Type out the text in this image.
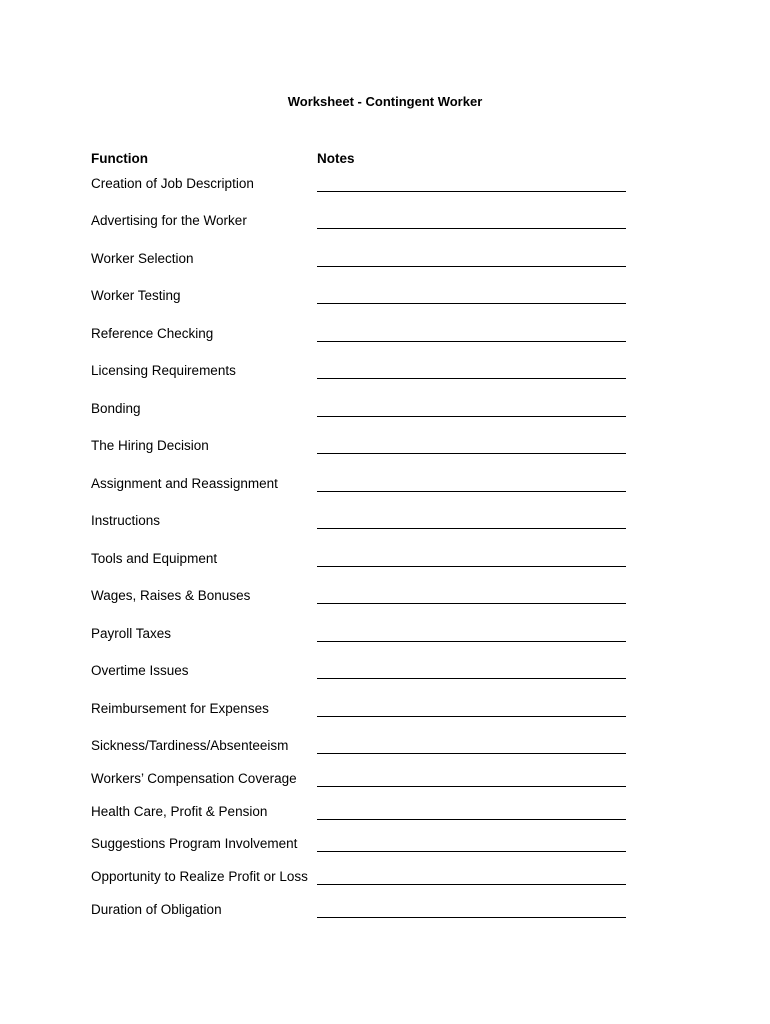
Worksheet - Contingent Worker
Function	Notes
Creation of Job Description
Advertising for the Worker
Worker Selection
Worker Testing
Reference Checking
Licensing Requirements
Bonding
The Hiring Decision
Assignment and Reassignment
Instructions
Tools and Equipment
Wages, Raises & Bonuses
Payroll Taxes
Overtime Issues
Reimbursement for Expenses
Sickness/Tardiness/Absenteeism
Workers’ Compensation Coverage
Health Care, Profit & Pension
Suggestions Program Involvement
Opportunity to Realize Profit or Loss
Duration of Obligation
